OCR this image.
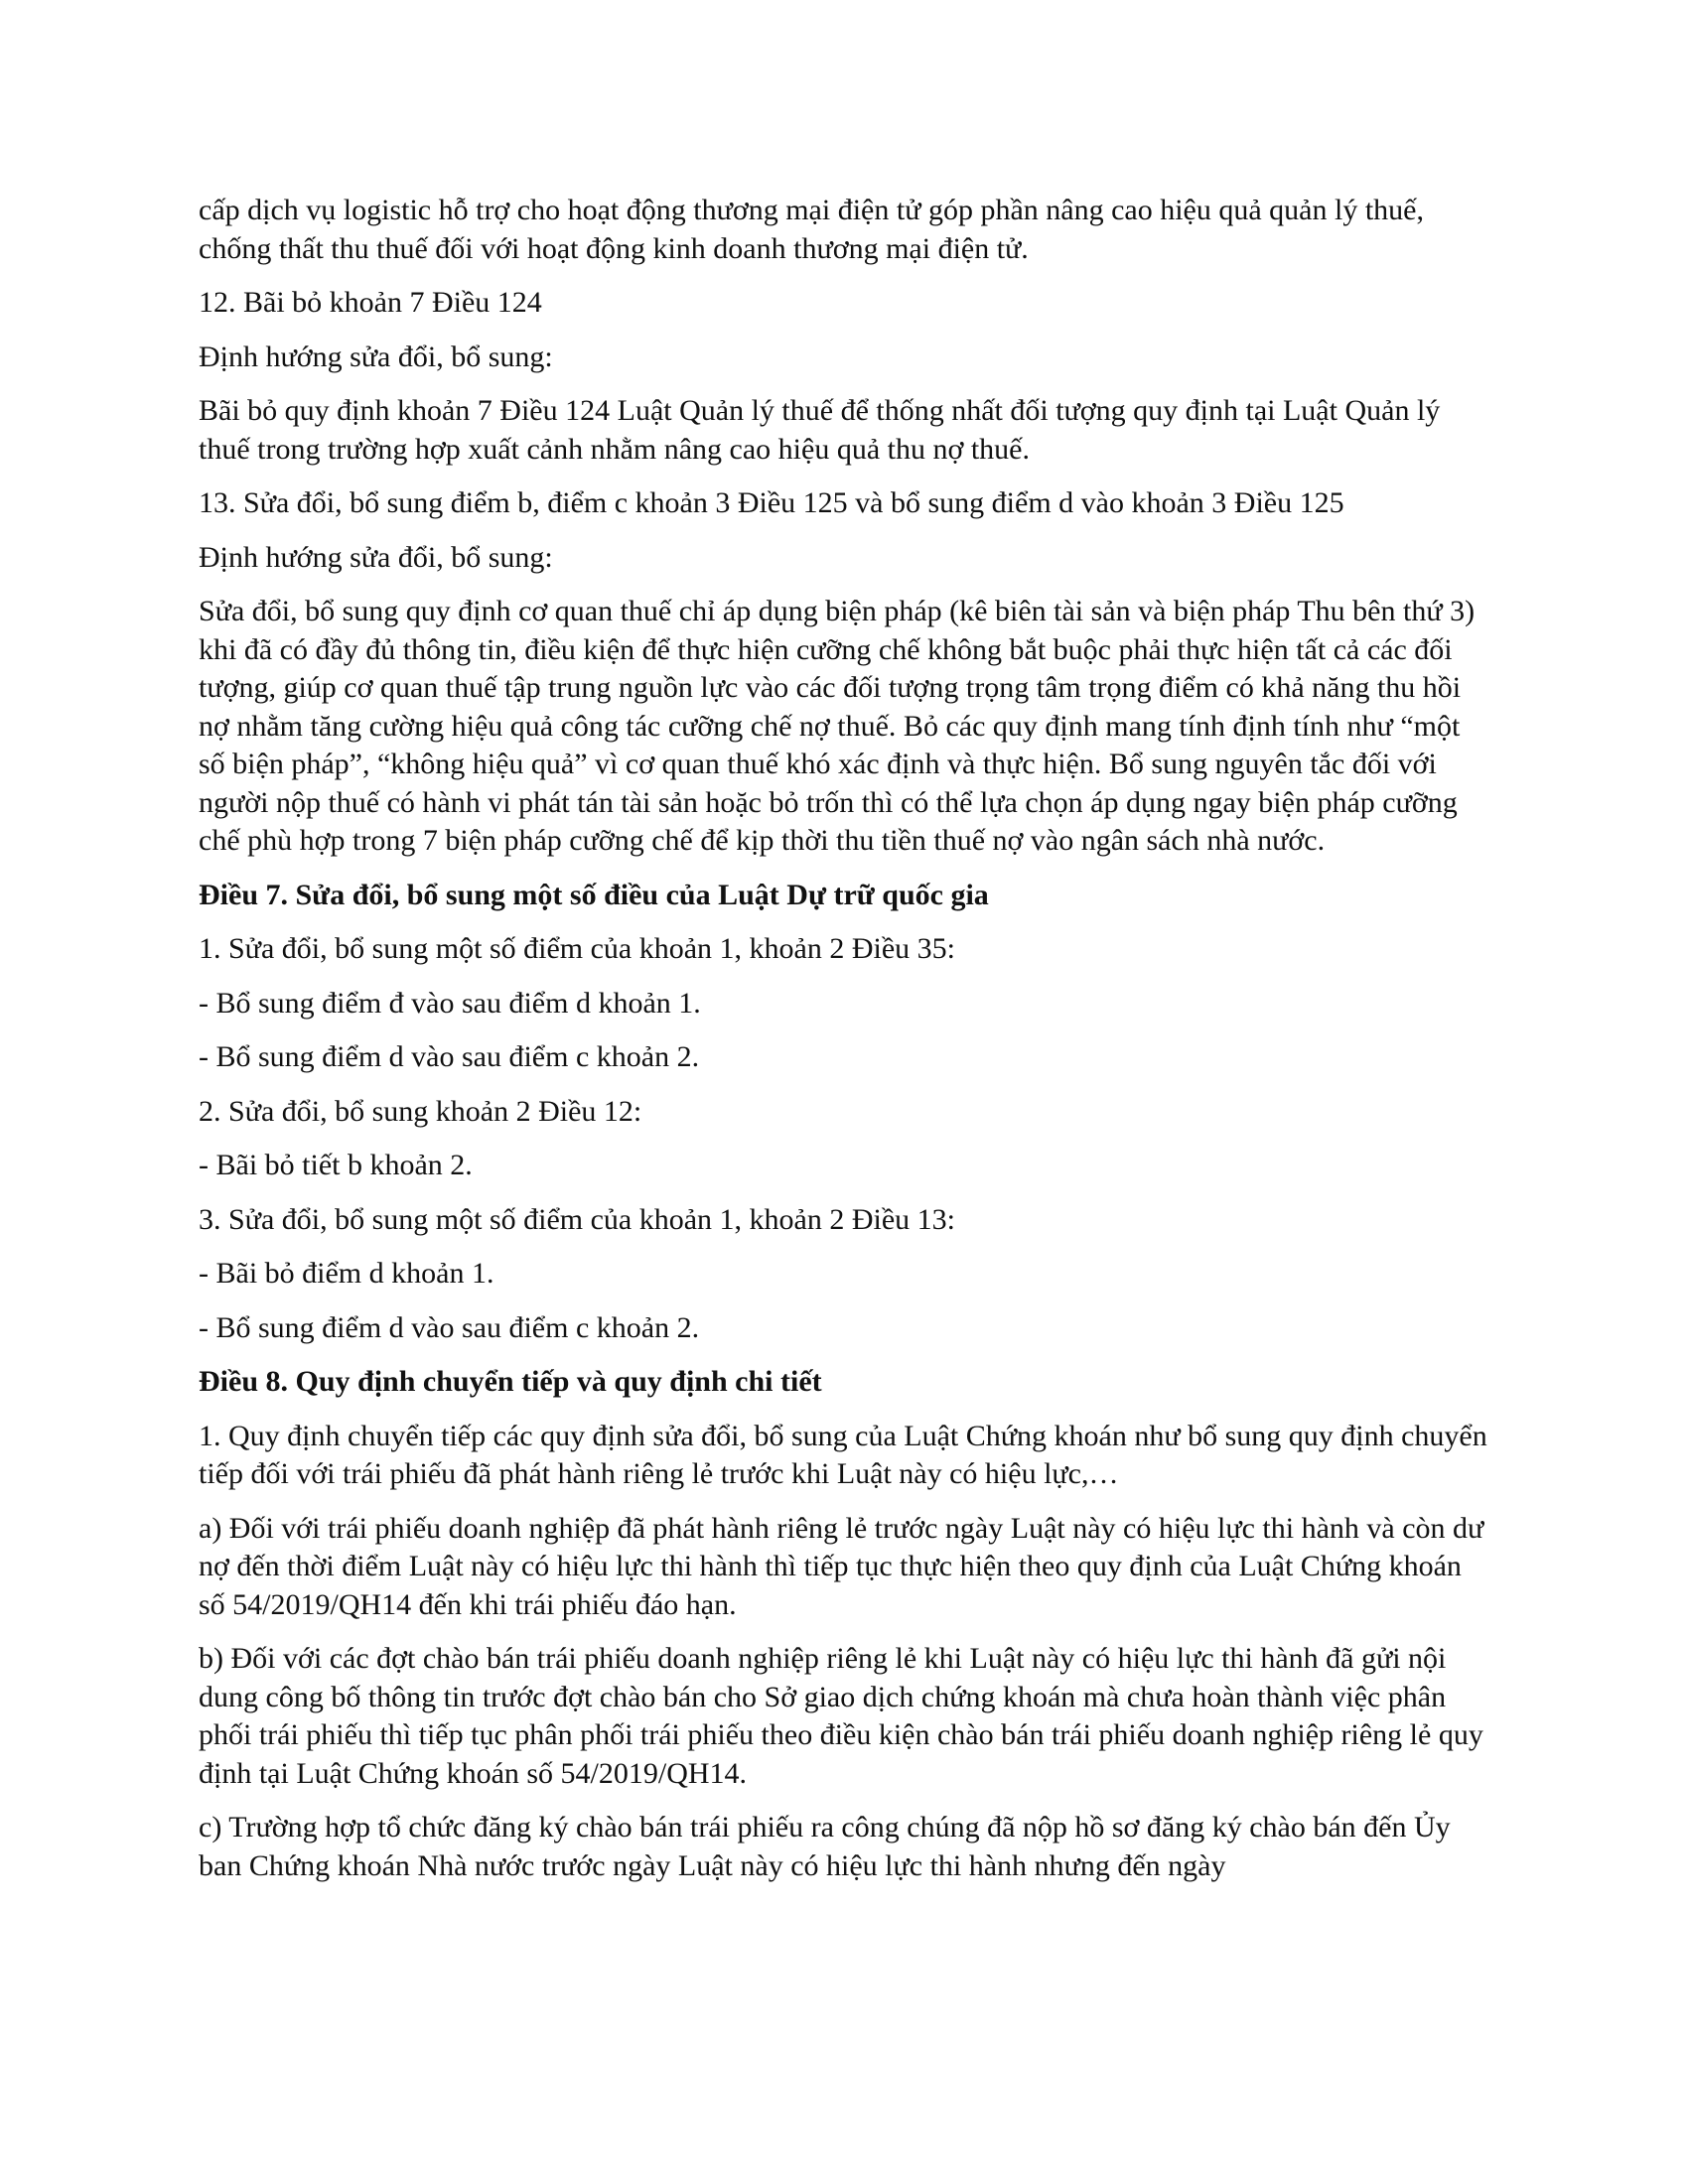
cấp dịch vụ logistic hỗ trợ cho hoạt động thương mại điện tử góp phần nâng cao hiệu quả quản lý thuế, chống thất thu thuế đối với hoạt động kinh doanh thương mại điện tử.

12. Bãi bỏ khoản 7 Điều 124

Định hướng sửa đổi, bổ sung:

Bãi bỏ quy định khoản 7 Điều 124 Luật Quản lý thuế để thống nhất đối tượng quy định tại Luật Quản lý thuế trong trường hợp xuất cảnh nhằm nâng cao hiệu quả thu nợ thuế.

13. Sửa đổi, bổ sung điểm b, điểm c khoản 3 Điều 125 và bổ sung điểm d vào khoản 3 Điều 125

Định hướng sửa đổi, bổ sung:

Sửa đổi, bổ sung quy định cơ quan thuế chỉ áp dụng biện pháp (kê biên tài sản và biện pháp Thu bên thứ 3) khi đã có đầy đủ thông tin, điều kiện để thực hiện cưỡng chế không bắt buộc phải thực hiện tất cả các đối tượng, giúp cơ quan thuế tập trung nguồn lực vào các đối tượng trọng tâm trọng điểm có khả năng thu hồi nợ nhằm tăng cường hiệu quả công tác cưỡng chế nợ thuế. Bỏ các quy định mang tính định tính như “một số biện pháp”, “không hiệu quả” vì cơ quan thuế khó xác định và thực hiện. Bổ sung nguyên tắc đối với người nộp thuế có hành vi phát tán tài sản hoặc bỏ trốn thì có thể lựa chọn áp dụng ngay biện pháp cưỡng chế phù hợp trong 7 biện pháp cưỡng chế để kịp thời thu tiền thuế nợ vào ngân sách nhà nước.

Điều 7. Sửa đổi, bổ sung một số điều của Luật Dự trữ quốc gia

1. Sửa đổi, bổ sung một số điểm của khoản 1, khoản 2 Điều 35:

- Bổ sung điểm đ vào sau điểm d khoản 1.

- Bổ sung điểm d vào sau điểm c khoản 2.

2. Sửa đổi, bổ sung khoản 2 Điều 12:

- Bãi bỏ tiết b khoản 2.

3. Sửa đổi, bổ sung một số điểm của khoản 1, khoản 2 Điều 13:

- Bãi bỏ điểm d khoản 1.

- Bổ sung điểm d vào sau điểm c khoản 2.

Điều 8. Quy định chuyển tiếp và quy định chi tiết

1. Quy định chuyển tiếp các quy định sửa đổi, bổ sung của Luật Chứng khoán như bổ sung quy định chuyển tiếp đối với trái phiếu đã phát hành riêng lẻ trước khi Luật này có hiệu lực,…

a) Đối với trái phiếu doanh nghiệp đã phát hành riêng lẻ trước ngày Luật này có hiệu lực thi hành và còn dư nợ đến thời điểm Luật này có hiệu lực thi hành thì tiếp tục thực hiện theo quy định của Luật Chứng khoán số 54/2019/QH14 đến khi trái phiếu đáo hạn.

b) Đối với các đợt chào bán trái phiếu doanh nghiệp riêng lẻ khi Luật này có hiệu lực thi hành đã gửi nội dung công bố thông tin trước đợt chào bán cho Sở giao dịch chứng khoán mà chưa hoàn thành việc phân phối trái phiếu thì tiếp tục phân phối trái phiếu theo điều kiện chào bán trái phiếu doanh nghiệp riêng lẻ quy định tại Luật Chứng khoán số 54/2019/QH14.

c) Trường hợp tổ chức đăng ký chào bán trái phiếu ra công chúng đã nộp hồ sơ đăng ký chào bán đến Ủy ban Chứng khoán Nhà nước trước ngày Luật này có hiệu lực thi hành nhưng đến ngày
